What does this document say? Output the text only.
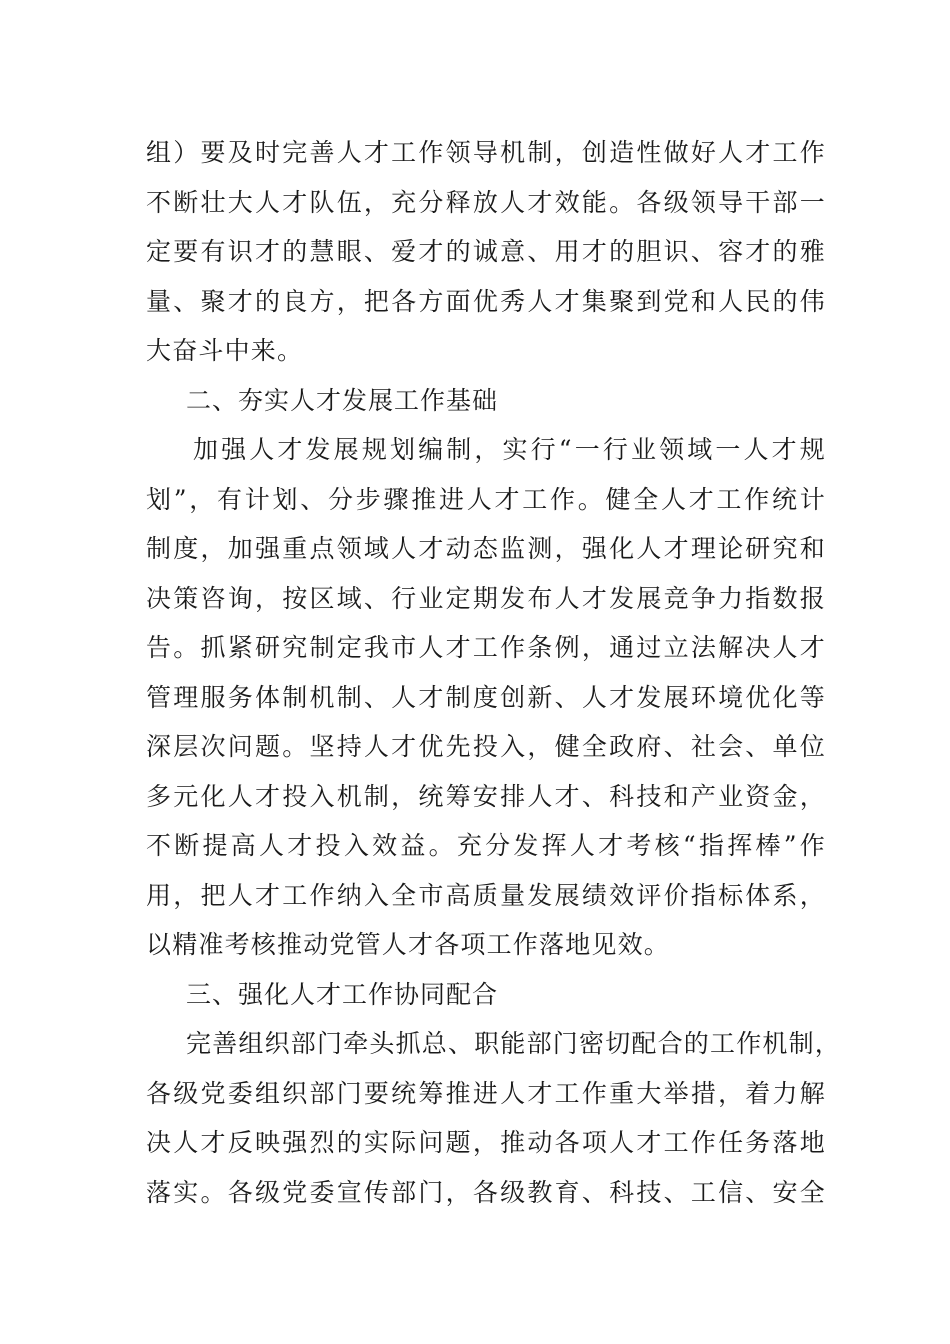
组）要及时完善人才工作领导机制，创造性做好人才工作
不断壮大人才队伍，充分释放人才效能。各级领导干部一
定要有识才的慧眼、爱才的诚意、用才的胆识、容才的雅
量、聚才的良方，把各方面优秀人才集聚到党和人民的伟
大奋斗中来。
二、夯实人才发展工作基础
加强人才发展规划编制，实行“一行业领域一人才规
划”，有计划、分步骤推进人才工作。健全人才工作统计
制度，加强重点领域人才动态监测，强化人才理论研究和
决策咨询，按区域、行业定期发布人才发展竞争力指数报
告。抓紧研究制定我市人才工作条例，通过立法解决人才
管理服务体制机制、人才制度创新、人才发展环境优化等
深层次问题。坚持人才优先投入，健全政府、社会、单位
多元化人才投入机制，统筹安排人才、科技和产业资金，
不断提高人才投入效益。充分发挥人才考核“指挥棒”作
用，把人才工作纳入全市高质量发展绩效评价指标体系，
以精准考核推动党管人才各项工作落地见效。
三、强化人才工作协同配合
完善组织部门牵头抓总、职能部门密切配合的工作机制，
各级党委组织部门要统筹推进人才工作重大举措，着力解
决人才反映强烈的实际问题，推动各项人才工作任务落地
落实。各级党委宣传部门，各级教育、科技、工信、安全
